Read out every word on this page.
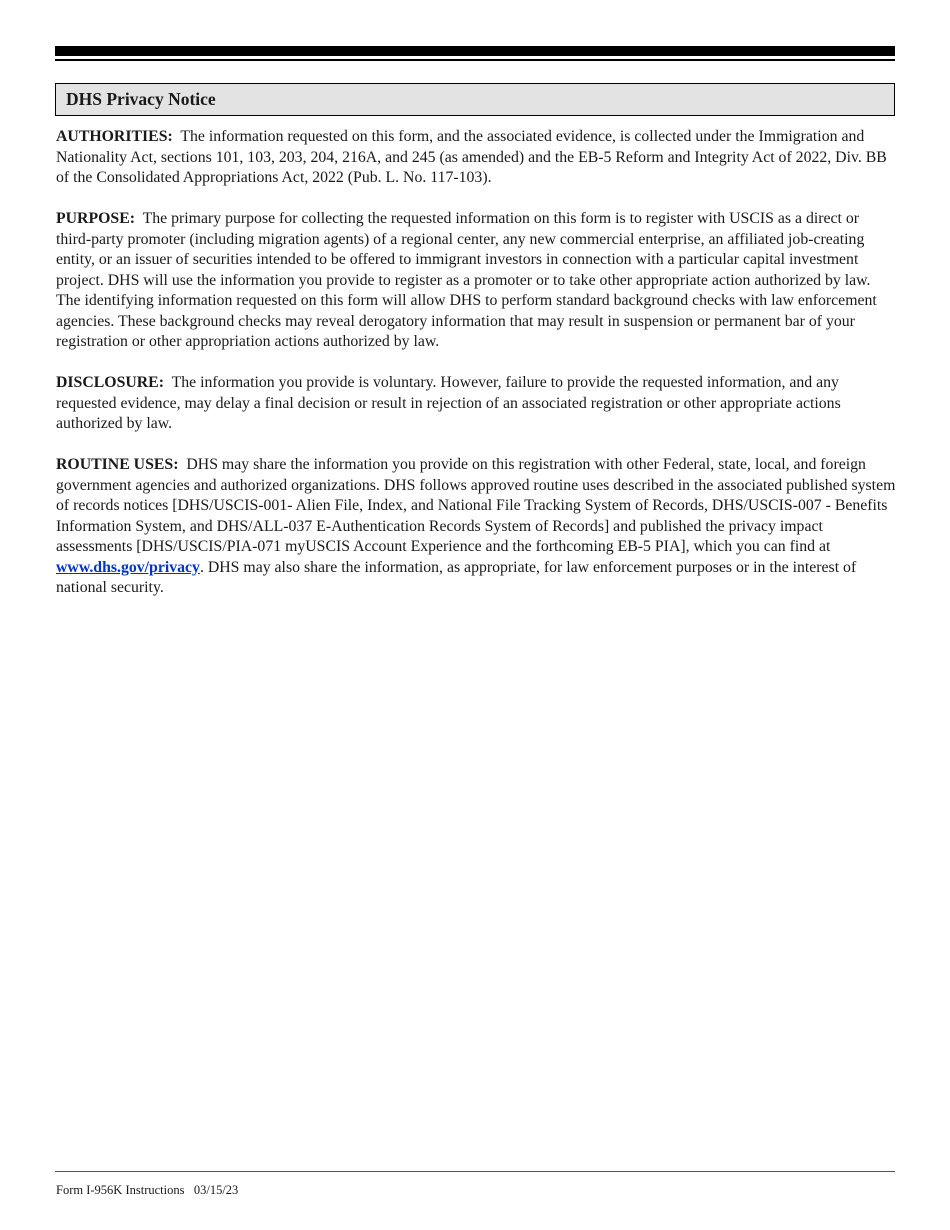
DHS Privacy Notice

AUTHORITIES: The information requested on this form, and the associated evidence, is collected under the Immigration and Nationality Act, sections 101, 103, 203, 204, 216A, and 245 (as amended) and the EB-5 Reform and Integrity Act of 2022, Div. BB of the Consolidated Appropriations Act, 2022 (Pub. L. No. 117-103).

PURPOSE: The primary purpose for collecting the requested information on this form is to register with USCIS as a direct or third-party promoter (including migration agents) of a regional center, any new commercial enterprise, an affiliated job-creating entity, or an issuer of securities intended to be offered to immigrant investors in connection with a particular capital investment project. DHS will use the information you provide to register as a promoter or to take other appropriate action authorized by law. The identifying information requested on this form will allow DHS to perform standard background checks with law enforcement agencies. These background checks may reveal derogatory information that may result in suspension or permanent bar of your registration or other appropriation actions authorized by law.

DISCLOSURE: The information you provide is voluntary. However, failure to provide the requested information, and any requested evidence, may delay a final decision or result in rejection of an associated registration or other appropriate actions authorized by law.

ROUTINE USES: DHS may share the information you provide on this registration with other Federal, state, local, and foreign government agencies and authorized organizations. DHS follows approved routine uses described in the associated published system of records notices [DHS/USCIS-001- Alien File, Index, and National File Tracking System of Records, DHS/USCIS-007 - Benefits Information System, and DHS/ALL-037 E-Authentication Records System of Records] and published the privacy impact assessments [DHS/USCIS/PIA-071 myUSCIS Account Experience and the forthcoming EB-5 PIA], which you can find at www.dhs.gov/privacy. DHS may also share the information, as appropriate, for law enforcement purposes or in the interest of national security.

Form I-956K Instructions 03/15/23
